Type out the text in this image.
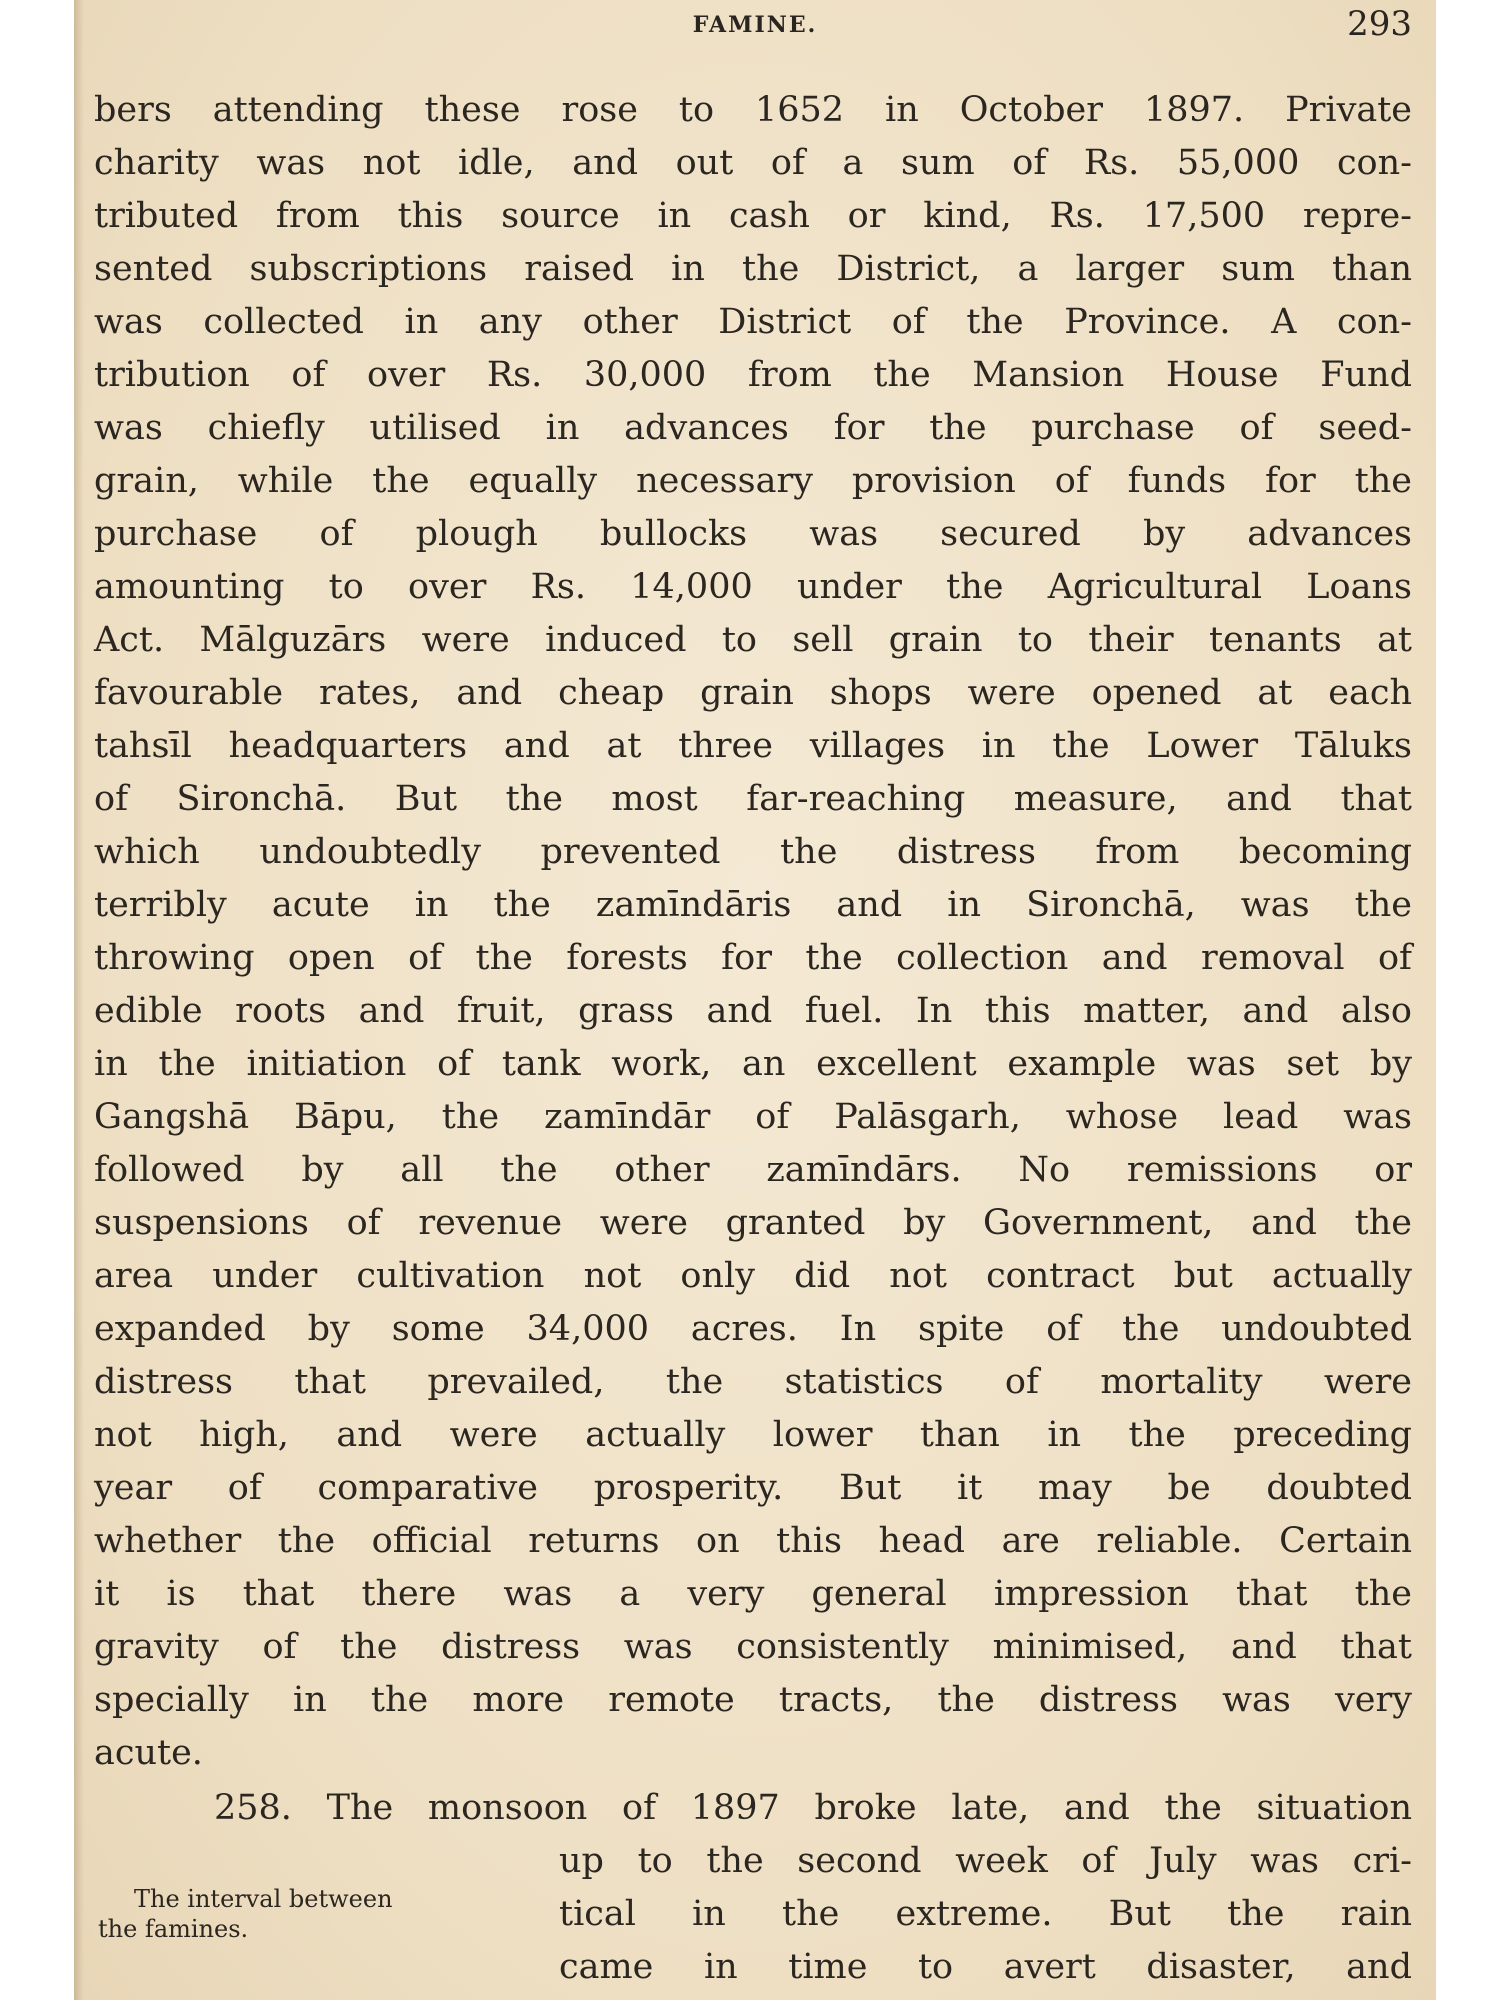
FAMINE.	293
bers attending these rose to 1652 in October 1897. Private
charity was not idle, and out of a sum of Rs. 55,000 con-
tributed from this source in cash or kind, Rs. 17,500 repre-
sented subscriptions raised in the District, a larger sum than
was collected in any other District of the Province. A con-
tribution of over Rs. 30,000 from the Mansion House Fund
was chiefly utilised in advances for the purchase of seed-
grain, while the equally necessary provision of funds for the
purchase of plough bullocks was secured by advances
amounting to over Rs. 14,000 under the Agricultural Loans
Act. Mālguzārs were induced to sell grain to their tenants at
favourable rates, and cheap grain shops were opened at each
tahsīl headquarters and at three villages in the Lower Tāluks
of Sironchā. But the most far-reaching measure, and that
which undoubtedly prevented the distress from becoming
terribly acute in the zamīndāris and in Sironchā, was the
throwing open of the forests for the collection and removal of
edible roots and fruit, grass and fuel. In this matter, and also
in the initiation of tank work, an excellent example was set by
Gangshā Bāpu, the zamīndār of Palāsgarh, whose lead was
followed by all the other zamīndārs. No remissions or
suspensions of revenue were granted by Government, and the
area under cultivation not only did not contract but actually
expanded by some 34,000 acres. In spite of the undoubted
distress that prevailed, the statistics of mortality were
not high, and were actually lower than in the preceding
year of comparative prosperity. But it may be doubted
whether the official returns on this head are reliable. Certain
it is that there was a very general impression that the
gravity of the distress was consistently minimised, and that
specially in the more remote tracts, the distress was very
acute.

258. The monsoon of 1897 broke late, and the situation

up to the second week of July was cri-
tical in the extreme. But the rain
came in time to avert disaster, and
The interval between
the famines.
